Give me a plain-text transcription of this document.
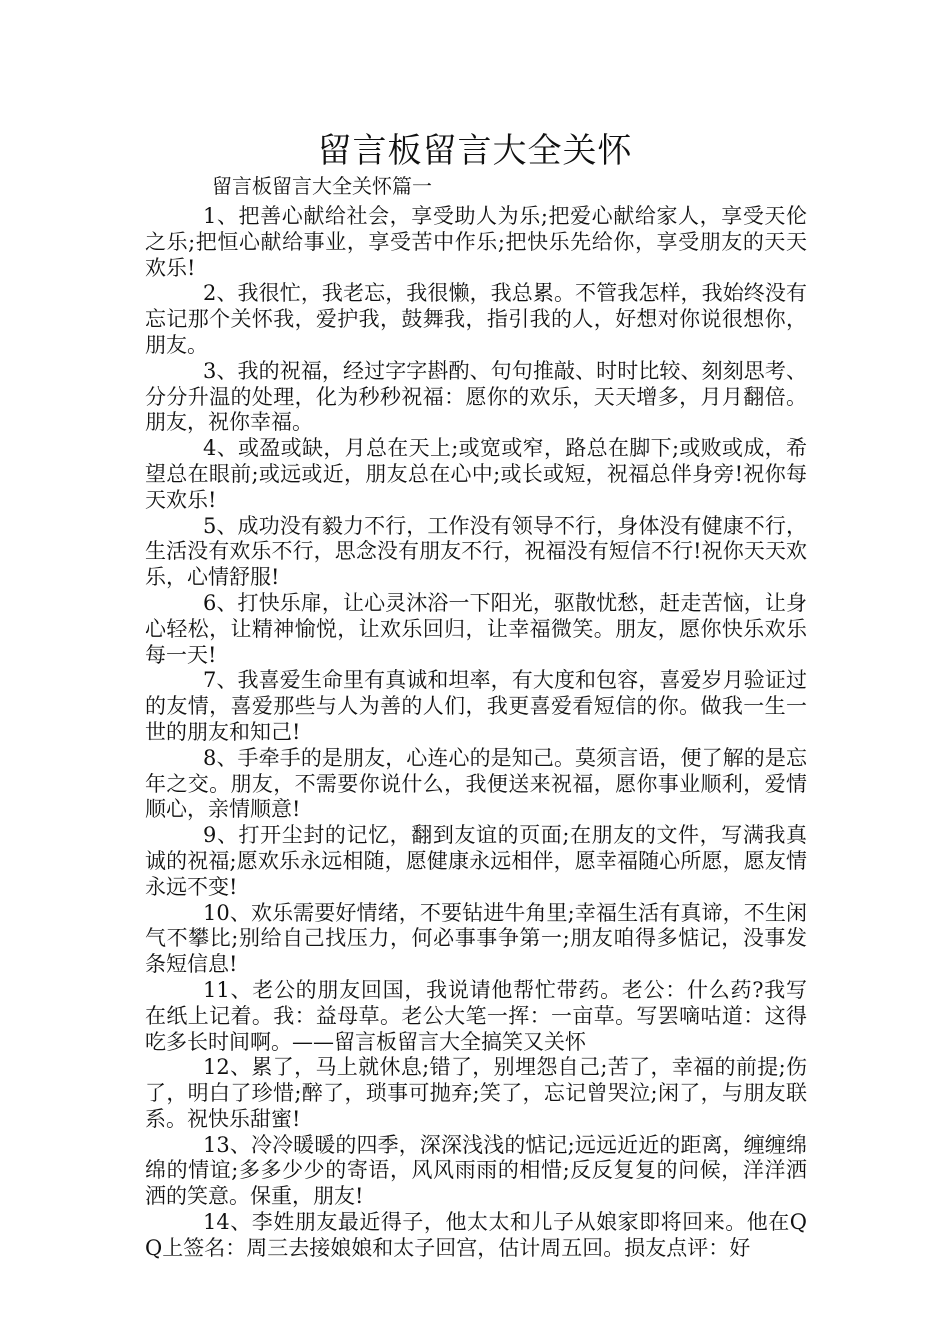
留言板留言大全关怀
留言板留言大全关怀篇一

1、把善心献给社会，享受助人为乐;把爱心献给家人，享受天伦之乐;把恒心献给事业，享受苦中作乐;把快乐先给你，享受朋友的天天欢乐!

2、我很忙，我老忘，我很懒，我总累。不管我怎样，我始终没有忘记那个关怀我，爱护我，鼓舞我，指引我的人，好想对你说很想你，朋友。

3、我的祝福，经过字字斟酌、句句推敲、时时比较、刻刻思考、分分升温的处理，化为秒秒祝福：愿你的欢乐，天天增多，月月翻倍。朋友，祝你幸福。

4、或盈或缺，月总在天上;或宽或窄，路总在脚下;或败或成，希望总在眼前;或远或近，朋友总在心中;或长或短，祝福总伴身旁!祝你每天欢乐!

5、成功没有毅力不行，工作没有领导不行，身体没有健康不行，生活没有欢乐不行，思念没有朋友不行，祝福没有短信不行!祝你天天欢乐，心情舒服!

6、打快乐扉，让心灵沐浴一下阳光，驱散忧愁，赶走苦恼，让身心轻松，让精神愉悦，让欢乐回归，让幸福微笑。朋友，愿你快乐欢乐每一天!

7、我喜爱生命里有真诚和坦率，有大度和包容，喜爱岁月验证过的友情，喜爱那些与人为善的人们，我更喜爱看短信的你。做我一生一世的朋友和知己!

8、手牵手的是朋友，心连心的是知己。莫须言语，便了解的是忘年之交。朋友，不需要你说什么，我便送来祝福，愿你事业顺利，爱情顺心，亲情顺意!

9、打开尘封的记忆，翻到友谊的页面;在朋友的文件，写满我真诚的祝福;愿欢乐永远相随，愿健康永远相伴，愿幸福随心所愿，愿友情永远不变!

10、欢乐需要好情绪，不要钻进牛角里;幸福生活有真谛，不生闲气不攀比;别给自己找压力，何必事事争第一;朋友咱得多惦记，没事发条短信息!

11、老公的朋友回国，我说请他帮忙带药。老公：什么药?我写在纸上记着。我：益母草。老公大笔一挥：一亩草。写罢嘀咕道：这得吃多长时间啊。——留言板留言大全搞笑又关怀

12、累了，马上就休息;错了，别埋怨自己;苦了，幸福的前提;伤了，明白了珍惜;醉了，琐事可抛弃;笑了，忘记曾哭泣;闲了，与朋友联系。祝快乐甜蜜!

13、冷冷暖暖的四季，深深浅浅的惦记;远远近近的距离，缠缠绵绵的情谊;多多少少的寄语，风风雨雨的相惜;反反复复的问候，洋洋洒洒的笑意。保重，朋友!

14、李姓朋友最近得子，他太太和儿子从娘家即将回来。他在QQ上签名：周三去接娘娘和太子回宫，估计周五回。损友点评：好
